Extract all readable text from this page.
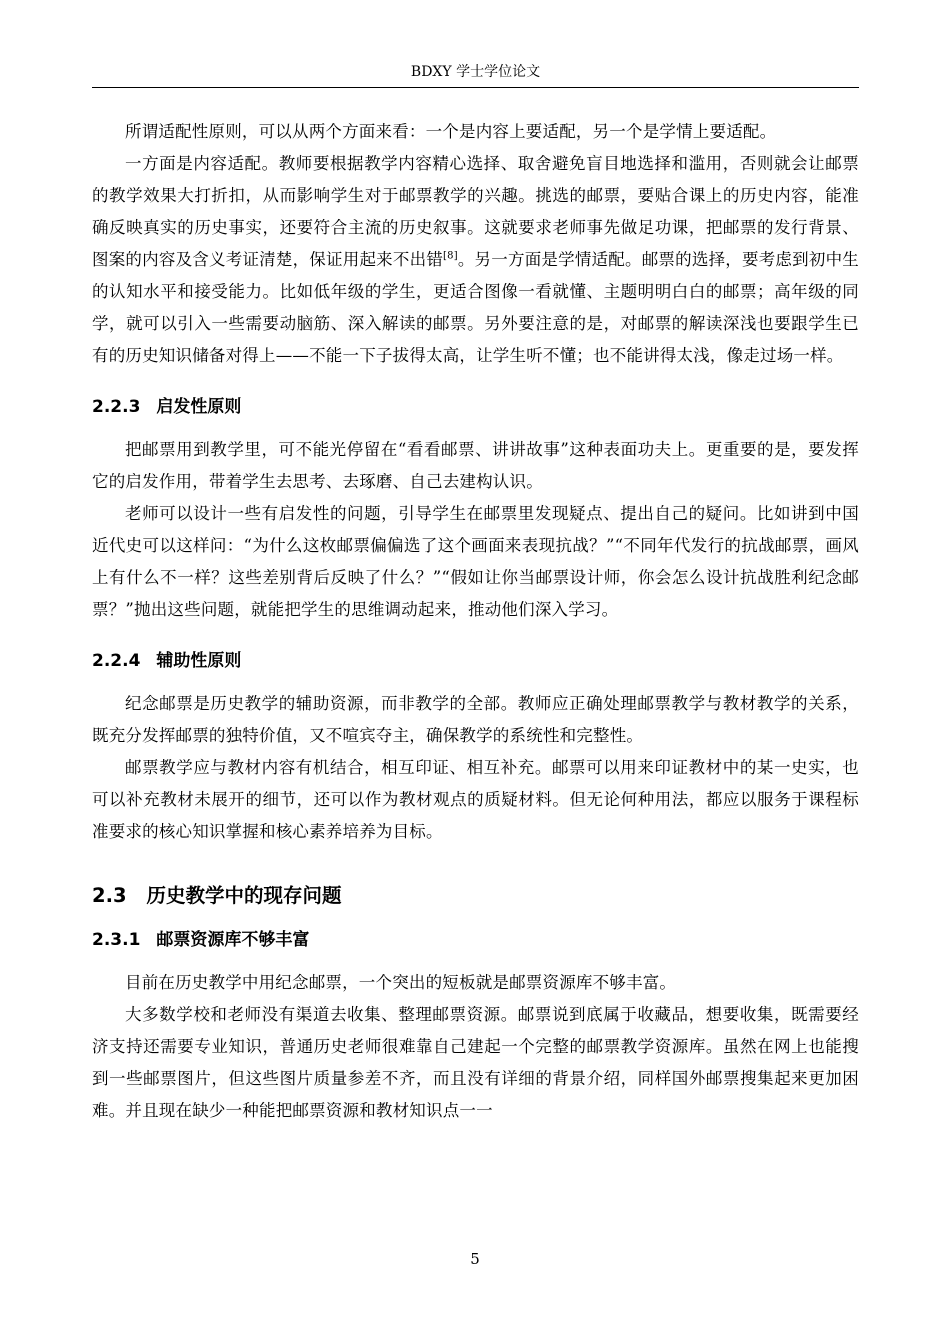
BDXY 学士学位论文

所谓适配性原则，可以从两个方面来看：一个是内容上要适配，另一个是学情上要适配。

一方面是内容适配。教师要根据教学内容精心选择、取舍避免盲目地选择和滥用，否则就会让邮票的教学效果大打折扣，从而影响学生对于邮票教学的兴趣。挑选的邮票，要贴合课上的历史内容，能准确反映真实的历史事实，还要符合主流的历史叙事。这就要求老师事先做足功课，把邮票的发行背景、图案的内容及含义考证清楚，保证用起来不出错[8]。另一方面是学情适配。邮票的选择，要考虑到初中生的认知水平和接受能力。比如低年级的学生，更适合图像一看就懂、主题明明白白的邮票；高年级的同学，就可以引入一些需要动脑筋、深入解读的邮票。另外要注意的是，对邮票的解读深浅也要跟学生已有的历史知识储备对得上——不能一下子拔得太高，让学生听不懂；也不能讲得太浅，像走过场一样。

2.2.3 启发性原则

把邮票用到教学里，可不能光停留在“看看邮票、讲讲故事”这种表面功夫上。更重要的是，要发挥它的启发作用，带着学生去思考、去琢磨、自己去建构认识。

老师可以设计一些有启发性的问题，引导学生在邮票里发现疑点、提出自己的疑问。比如讲到中国近代史可以这样问：“为什么这枚邮票偏偏选了这个画面来表现抗战？”“不同年代发行的抗战邮票，画风上有什么不一样？这些差别背后反映了什么？”“假如让你当邮票设计师，你会怎么设计抗战胜利纪念邮票？”抛出这些问题，就能把学生的思维调动起来，推动他们深入学习。

2.2.4 辅助性原则

纪念邮票是历史教学的辅助资源，而非教学的全部。教师应正确处理邮票教学与教材教学的关系，既充分发挥邮票的独特价值，又不喧宾夺主，确保教学的系统性和完整性。

邮票教学应与教材内容有机结合，相互印证、相互补充。邮票可以用来印证教材中的某一史实，也可以补充教材未展开的细节，还可以作为教材观点的质疑材料。但无论何种用法，都应以服务于课程标准要求的核心知识掌握和核心素养培养为目标。

2.3 历史教学中的现存问题
2.3.1 邮票资源库不够丰富

目前在历史教学中用纪念邮票，一个突出的短板就是邮票资源库不够丰富。

大多数学校和老师没有渠道去收集、整理邮票资源。邮票说到底属于收藏品，想要收集，既需要经济支持还需要专业知识，普通历史老师很难靠自己建起一个完整的邮票教学资源库。虽然在网上也能搜到一些邮票图片，但这些图片质量参差不齐，而且没有详细的背景介绍，同样国外邮票搜集起来更加困难。并且现在缺少一种能把邮票资源和教材知识点一一

5
